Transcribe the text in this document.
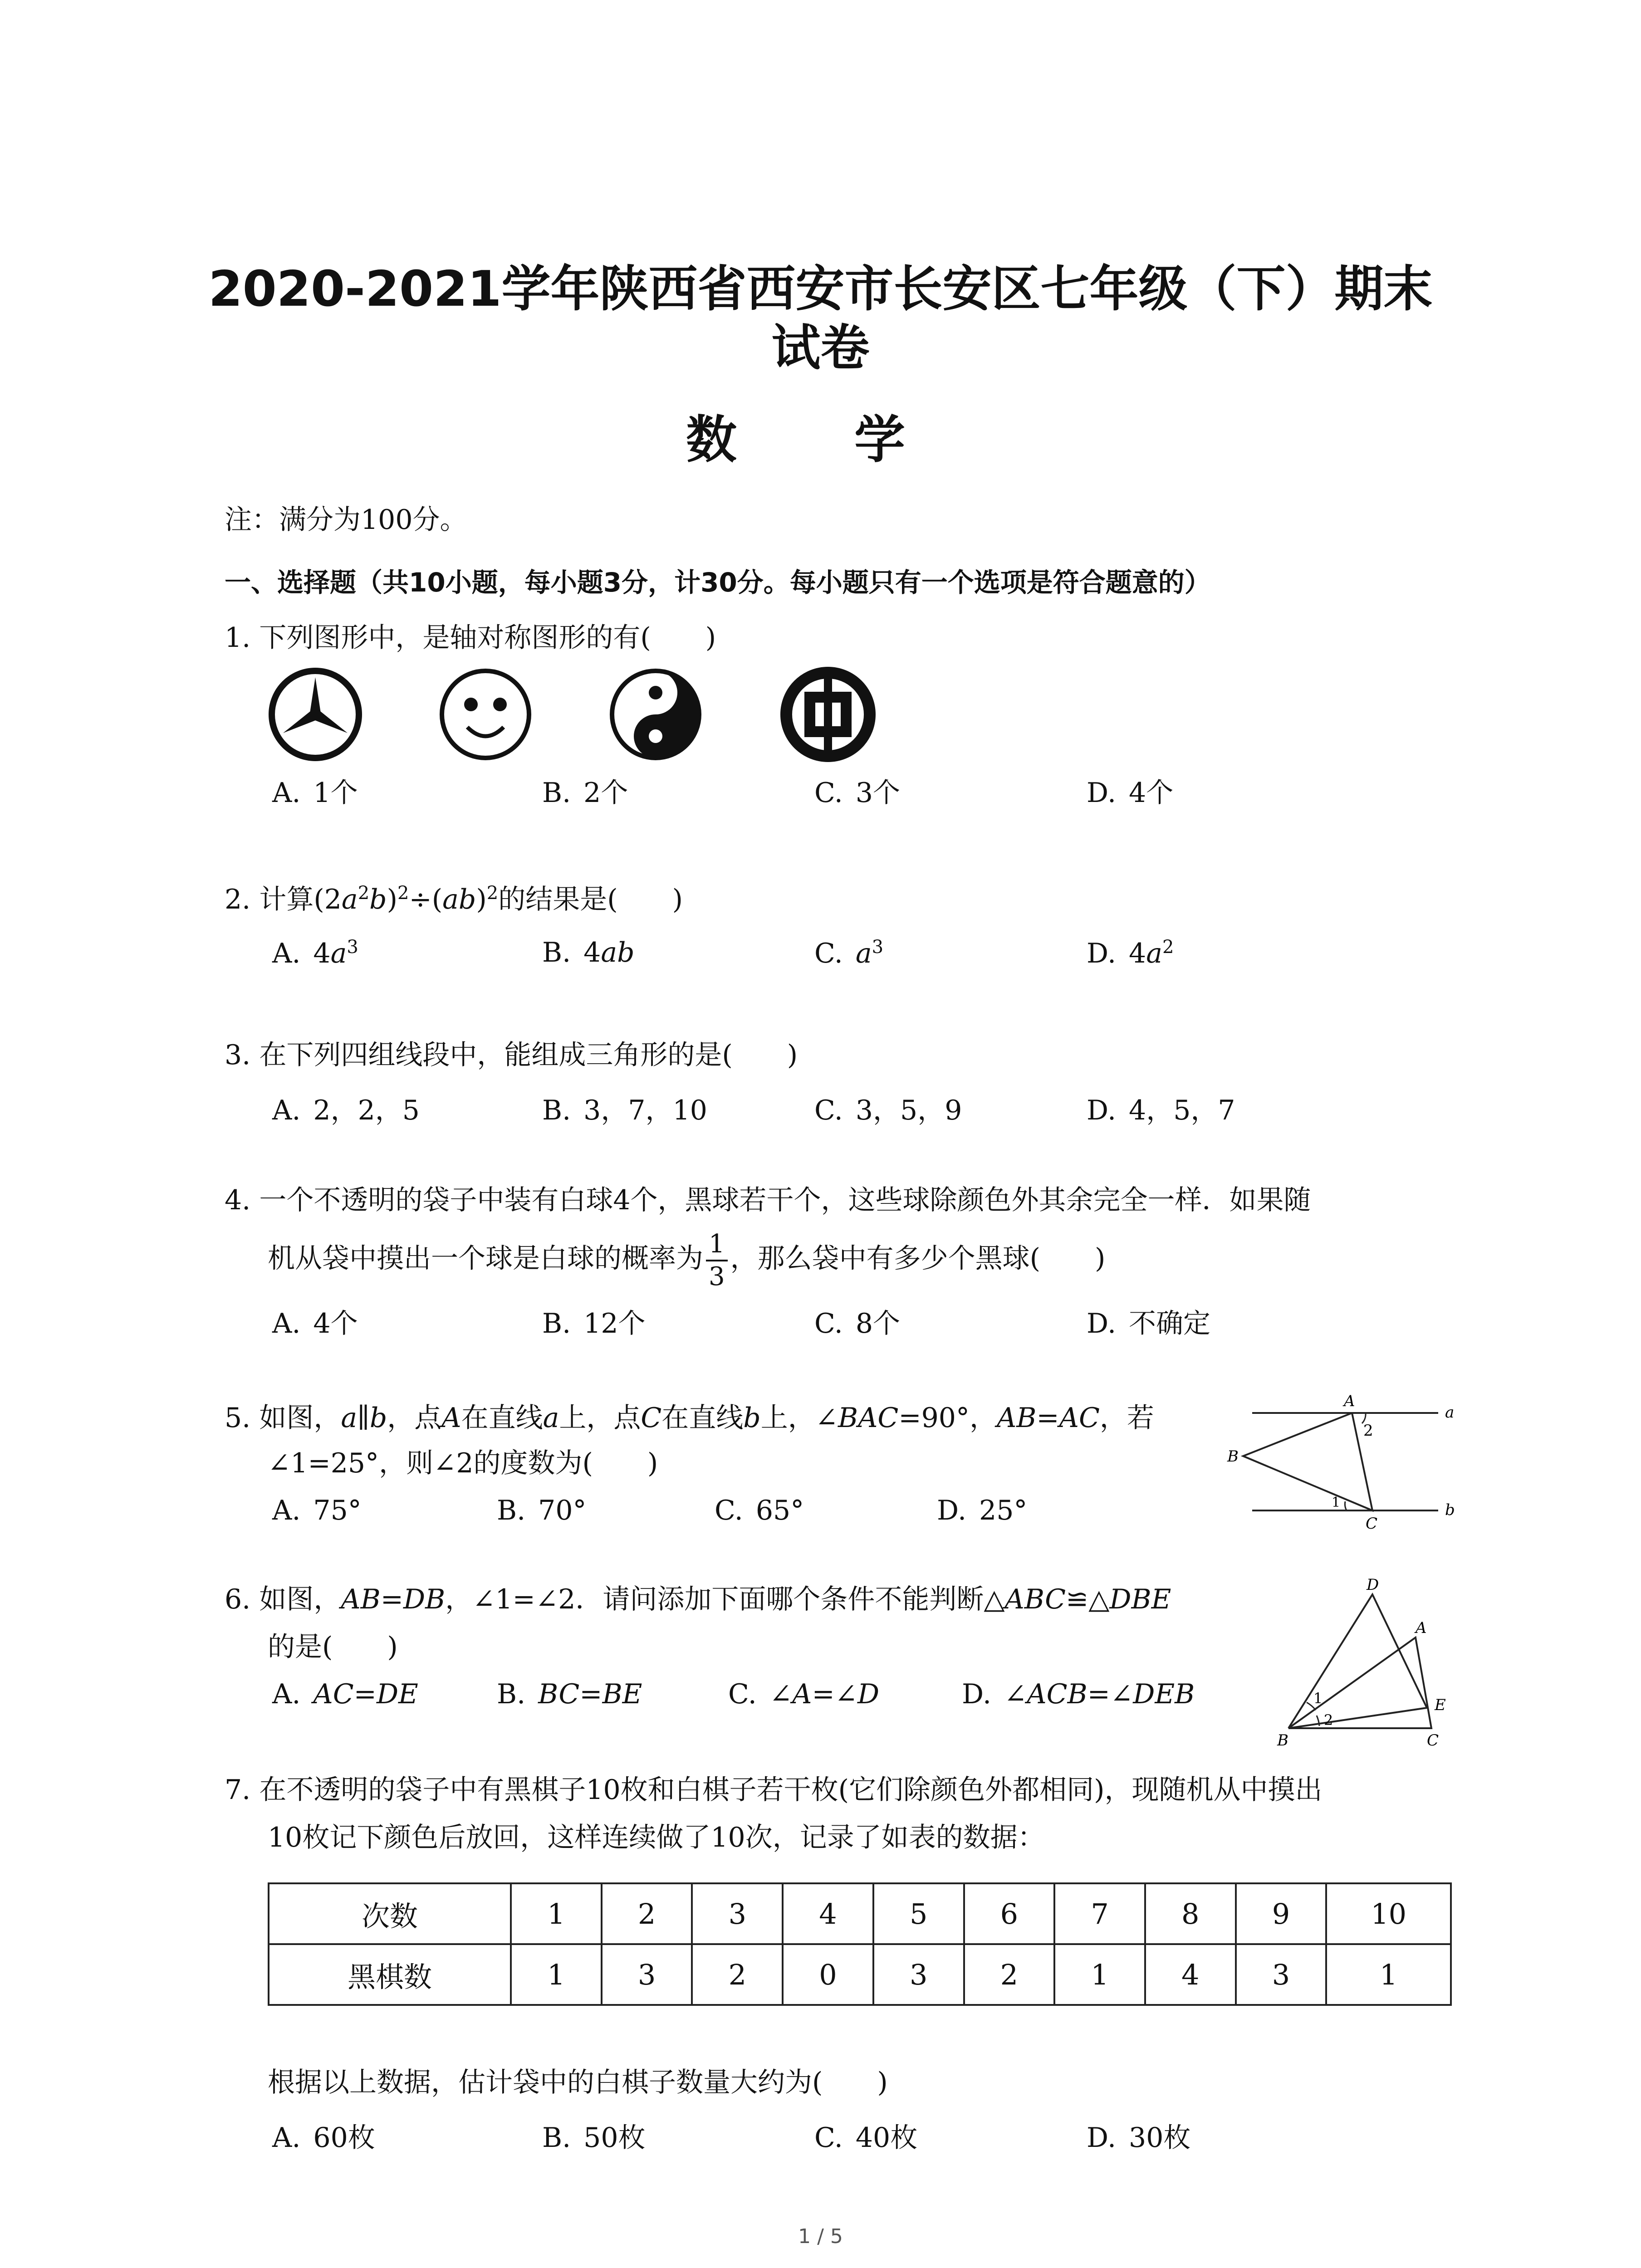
2020-2021学年陕西省西安市长安区七年级（下）期末
试卷
数 学
注：满分为100分。
一、选择题（共10小题，每小题3分，计30分。每小题只有一个选项是符合题意的）
1. 下列图形中，是轴对称图形的有(　　)
A. 1个	B. 2个	C. 3个	D. 4个
2. 计算$(2a^2b)^2\div(ab)^2$的结果是(　　)
A. $4a^3$	B. 4ab	C. $a^3$	D. $4a^2$
3. 在下列四组线段中，能组成三角形的是(　　)
A. 2，2，5	B. 3，7，10	C. 3，5，9	D. 4，5，7
4. 一个不透明的袋子中装有白球4个，黑球若干个，这些球除颜色外其余完全一样．如果随
机从袋中摸出一个球是白球的概率为 $\frac{1}{3}$ ，那么袋中有多少个黑球(　　)
A. 4个	B. 12个	C. 8个	D. 不确定
5. 如图，a∥b，点A在直线a上，点C在直线b上，∠BAC=90°，AB=AC，若
∠1=25°，则∠2的度数为(　　)
A. 75°	B. 70°	C. 65°	D. 25°
A
2
a
B
1
C
b
6. 如图，AB=DB，∠1=∠2．请问添加下面哪个条件不能判断△ABC≌△DBE
的是(　　)
A. AC=DE	B. BC=BE	C. ∠A=∠D	D. ∠ACB=∠DEB
D
A
E
1
2
B	C
7. 在不透明的袋子中有黑棋子10枚和白棋子若干枚(它们除颜色外都相同)，现随机从中摸出
10枚记下颜色后放回，这样连续做了10次，记录了如表的数据：
次数	1	2	3	4	5	6	7	8	9	10
黑棋数	1	3	2	0	3	2	1	4	3	1
根据以上数据，估计袋中的白棋子数量大约为(　　)
A. 60枚	B. 50枚	C. 40枚	D. 30枚
1 / 5
